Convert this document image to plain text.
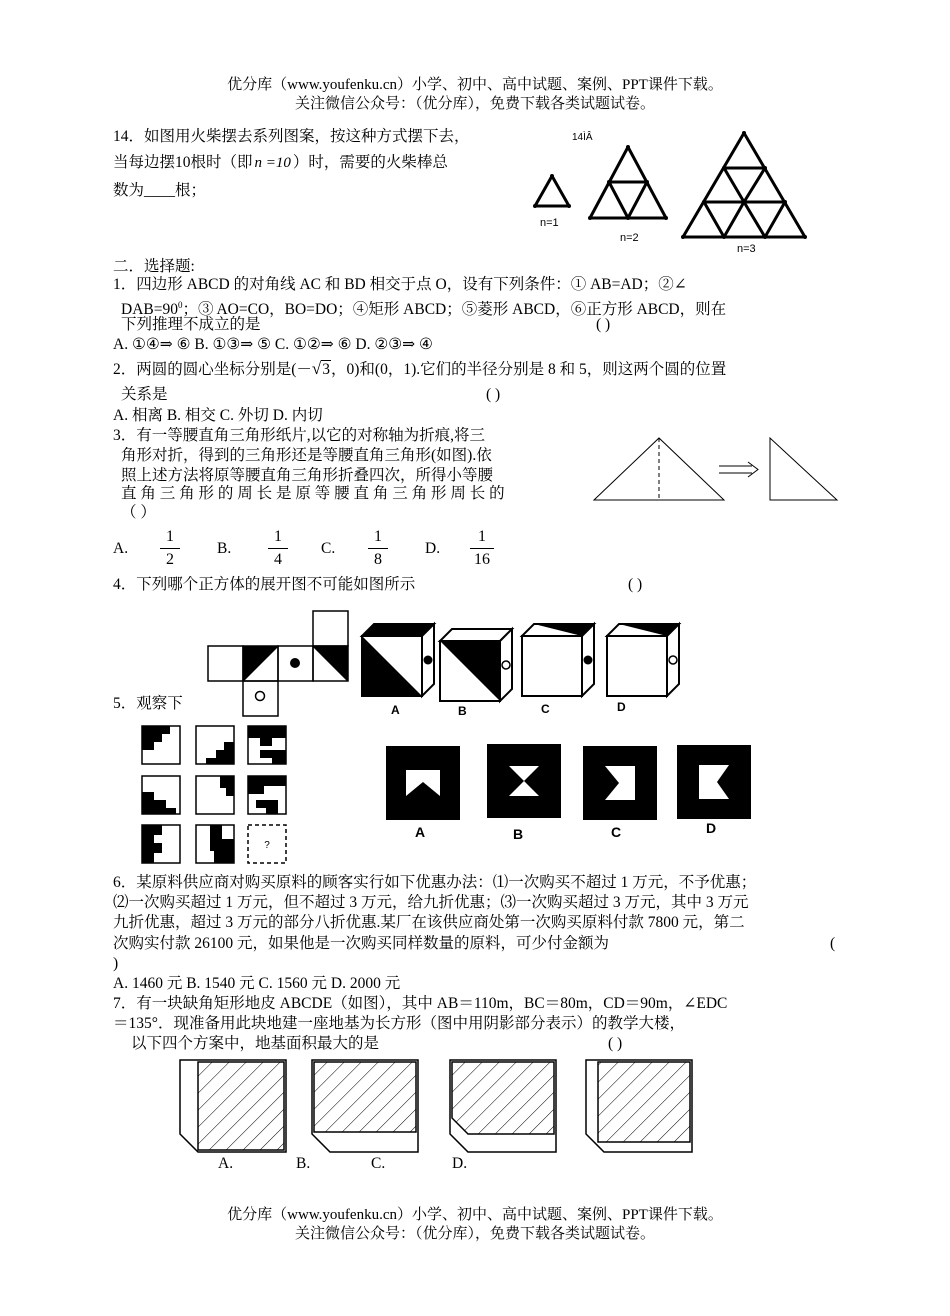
优分库（www.youfenku.cn）小学、初中、高中试题、案例、PPT课件下载。
关注微信公众号：（优分库），免费下载各类试题试卷。
14．如图用火柴摆去系列图案，按这种方式摆下去，
当每边摆10根时（即 n =10 ）时，需要的火柴棒总
数为____根；
14ÌÂ
n=1
n=2
n=3
二．选择题:
1．四边形 ABCD 的对角线 AC 和 BD 相交于点 O，设有下列条件：① AB=AD；②∠
$DAB=90^0$；③ AO=CO，BO=DO；④矩形 ABCD；⑤菱形 ABCD，⑥正方形 ABCD，则在
下列推理不成立的是	( )
A. ①④⇒ ⑥ B. ①③⇒ ⑤ C. ①②⇒ ⑥ D. ②③⇒ ④
2．两圆的圆心坐标分别是(－√3，0)和(0，1).它们的半径分别是 8 和 5，则这两个圆的位置
关系是	( )
A. 相离 B. 相交 C. 外切 D. 内切
3．有一等腰直角三角形纸片,以它的对称轴为折痕,将三
角形对折，得到的三角形还是等腰直角三角形(如图).依
照上述方法将原等腰直角三角形折叠四次，所得小等腰
直 角 三 角 形 的 周 长 是 原 等 腰 直 角 三 角 形 周 长 的
（ ）
A.
1
2
B.
1
4
C.
1
8
D.
1
16
4．下列哪个正方体的展开图不可能如图所示	( )
A	B	C	D
5．观察下
?
A	B	C	D
6．某原料供应商对购买原料的顾客实行如下优惠办法：⑴一次购买不超过 1 万元，不予优惠；
⑵一次购买超过 1 万元，但不超过 3 万元，给九折优惠；⑶一次购买超过 3 万元，其中 3 万元
九折优惠，超过 3 万元的部分八折优惠.某厂在该供应商处第一次购买原料付款 7800 元，第二
次购实付款 26100 元，如果他是一次购买同样数量的原料，可少付金额为	(
)
A. 1460 元 B. 1540 元 C. 1560 元 D. 2000 元
7．有一块缺角矩形地皮 ABCDE（如图），其中 AB＝110m，BC＝80m，CD＝90m，∠EDC
＝135°．现准备用此块地建一座地基为长方形（图中用阴影部分表示）的教学大楼，
以下四个方案中，地基面积最大的是	( )
A.	B.	C.	D.
优分库（www.youfenku.cn）小学、初中、高中试题、案例、PPT课件下载。
关注微信公众号：（优分库），免费下载各类试题试卷。
